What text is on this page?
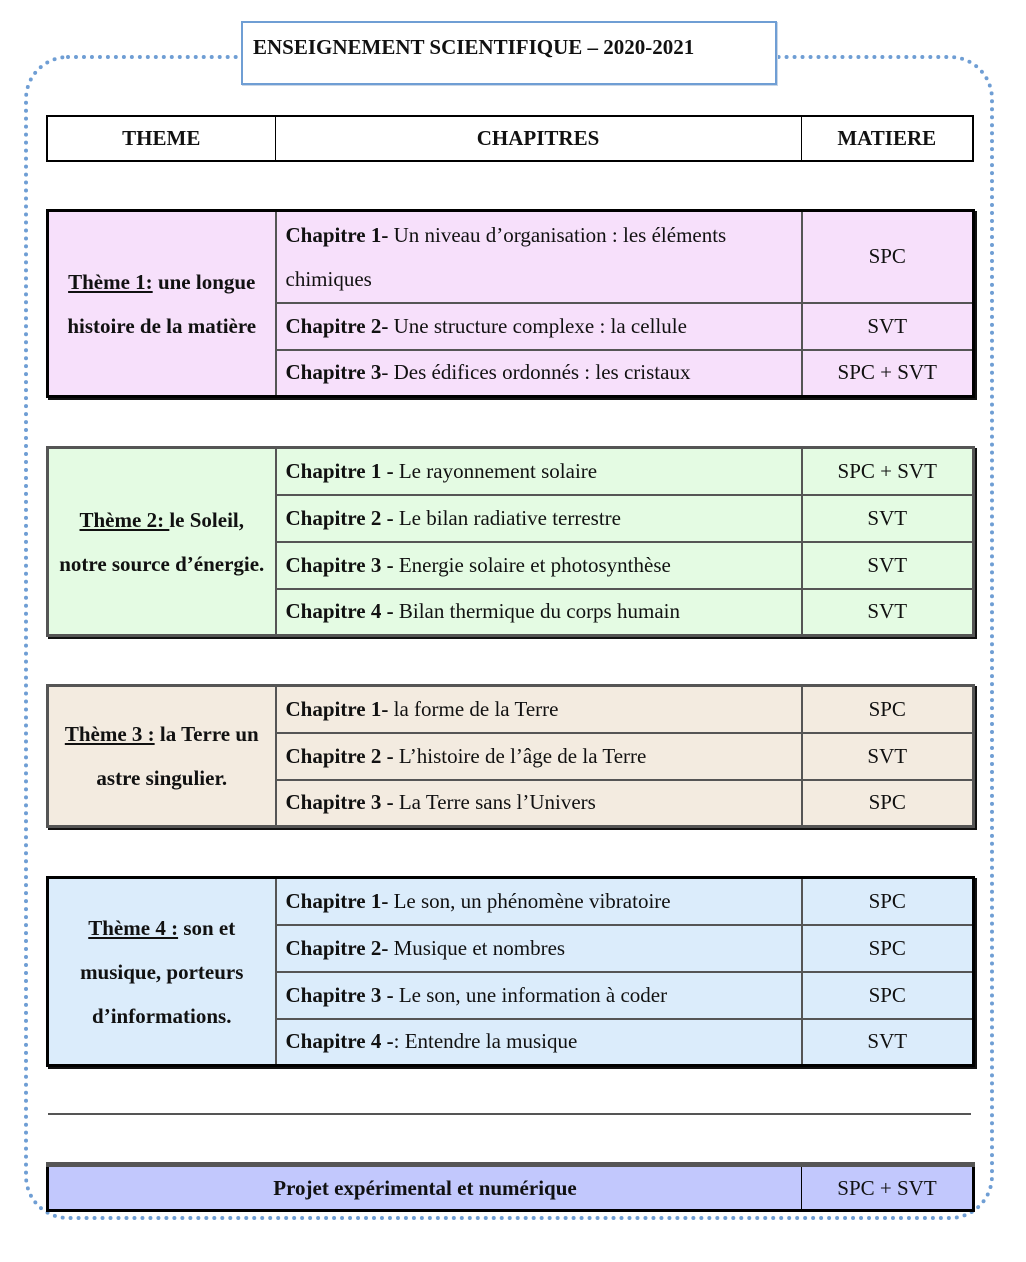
ENSEIGNEMENT SCIENTIFIQUE – 2020-2021
THEME	CHAPITRES	MATIERE
Thème 1: une longue histoire de la matière	Chapitre 1- Un niveau d’organisation : les éléments chimiques	SPC
	Chapitre 2- Une structure complexe : la cellule	SVT
	Chapitre 3- Des édifices ordonnés : les cristaux	SPC + SVT
Thème 2: le Soleil, notre source d’énergie.	Chapitre 1 - Le rayonnement solaire	SPC + SVT
	Chapitre 2 - Le bilan radiative terrestre	SVT
	Chapitre 3 - Energie solaire et photosynthèse	SVT
	Chapitre 4 - Bilan thermique du corps humain	SVT
Thème 3 : la Terre un astre singulier.	Chapitre 1- la forme de la Terre	SPC
	Chapitre 2 - L’histoire de l’âge de la Terre	SVT
	Chapitre 3 - La Terre sans l’Univers	SPC
Thème 4 : son et musique, porteurs d’informations.	Chapitre 1- Le son, un phénomène vibratoire	SPC
	Chapitre 2- Musique et nombres	SPC
	Chapitre 3 - Le son, une information à coder	SPC
	Chapitre 4 -: Entendre la musique	SVT
Projet expérimental et numérique	SPC + SVT
